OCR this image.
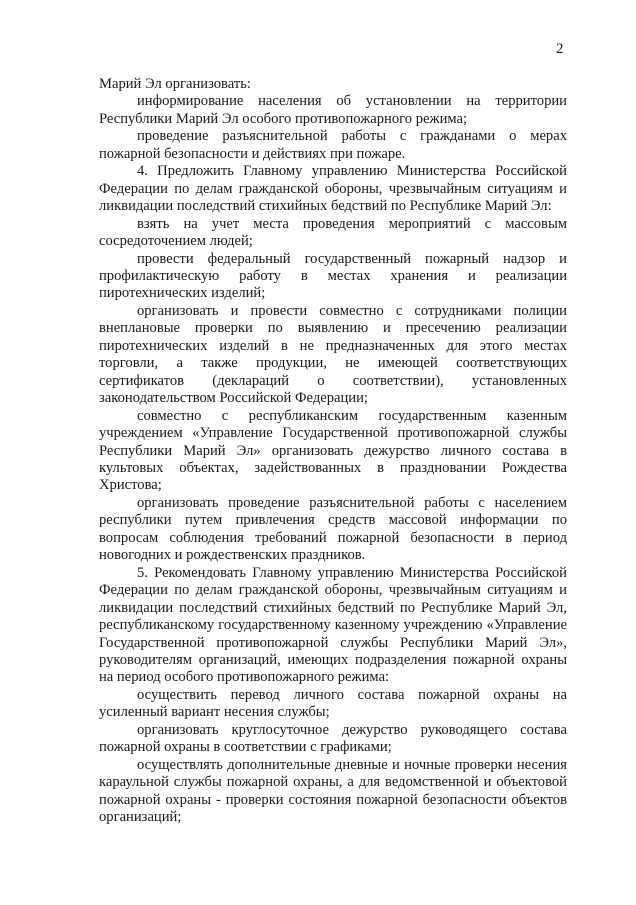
2

Марий Эл организовать:

информирование населения об установлении на территории Республики Марий Эл особого противопожарного режима;

проведение разъяснительной работы с гражданами о мерах пожарной безопасности и действиях при пожаре.

4. Предложить Главному управлению Министерства Российской Федерации по делам гражданской обороны, чрезвычайным ситуациям и ликвидации последствий стихийных бедствий по Республике Марий Эл:

взять на учет места проведения мероприятий с массовым сосредоточением людей;

провести федеральный государственный пожарный надзор и профилактическую работу в местах хранения и реализации пиротехнических изделий;

организовать и провести совместно с сотрудниками полиции внеплановые проверки по выявлению и пресечению реализации пиротехнических изделий в не предназначенных для этого местах торговли, а также продукции, не имеющей соответствующих сертификатов (деклараций о соответствии), установленных законодательством Российской Федерации;

совместно с республиканским государственным казенным учреждением «Управление Государственной противопожарной службы Республики Марий Эл» организовать дежурство личного состава в культовых объектах, задействованных в праздновании Рождества Христова;

организовать проведение разъяснительной работы с населением республики путем привлечения средств массовой информации по вопросам соблюдения требований пожарной безопасности в период новогодних и рождественских праздников.

5. Рекомендовать Главному управлению Министерства Российской Федерации по делам гражданской обороны, чрезвычайным ситуациям и ликвидации последствий стихийных бедствий по Республике Марий Эл, республиканскому государственному казенному учреждению «Управление Государственной противопожарной службы Республики Марий Эл», руководителям организаций, имеющих подразделения пожарной охраны на период особого противопожарного режима:

осуществить перевод личного состава пожарной охраны на усиленный вариант несения службы;

организовать круглосуточное дежурство руководящего состава пожарной охраны в соответствии с графиками;

осуществлять дополнительные дневные и ночные проверки несения караульной службы пожарной охраны, а для ведомственной и объектовой пожарной охраны - проверки состояния пожарной безопасности объектов организаций;
